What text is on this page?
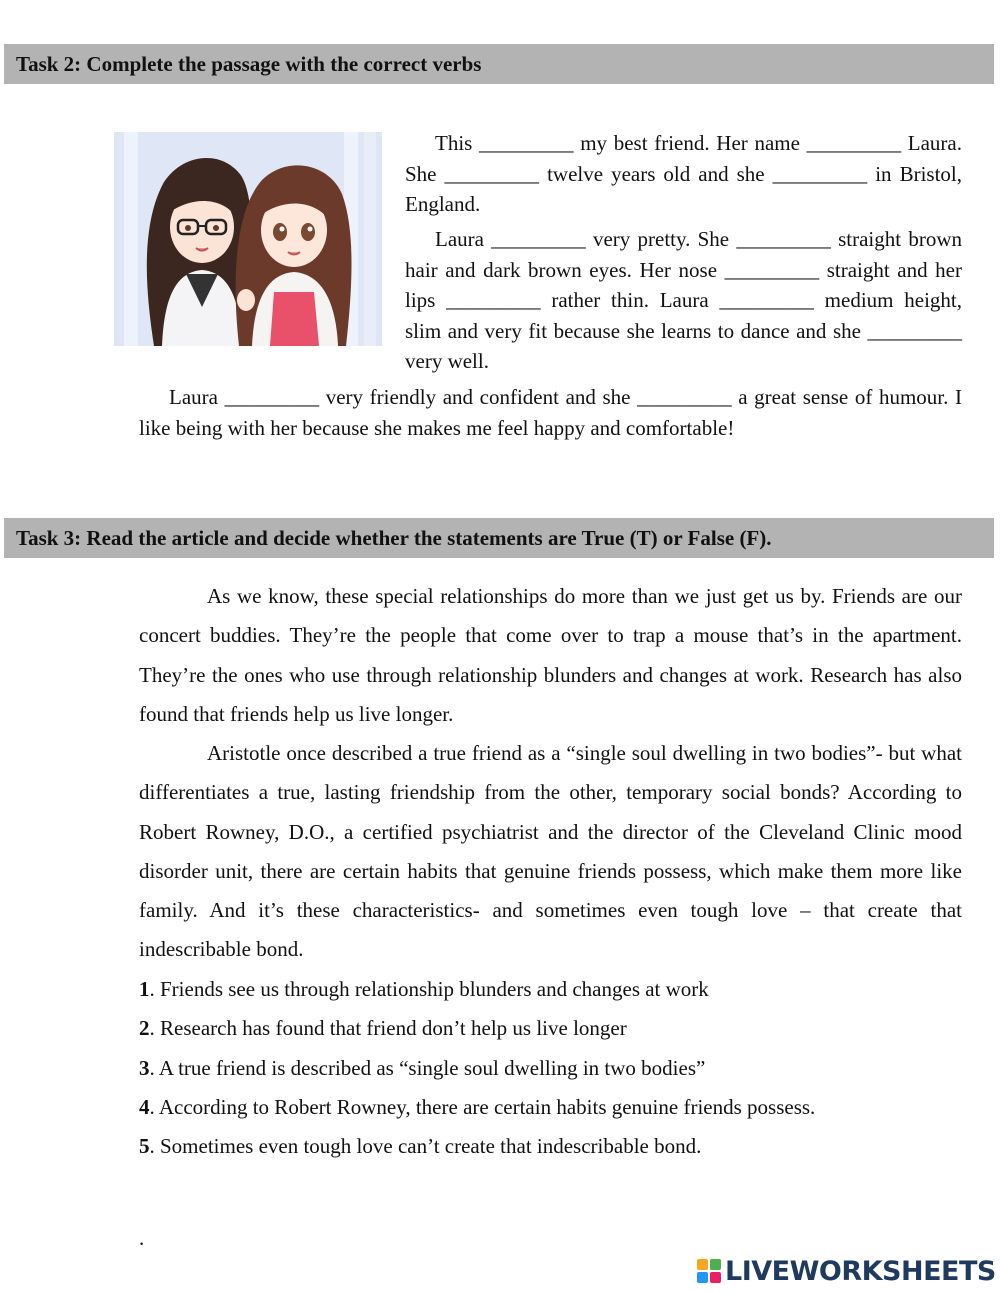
Task 2: Complete the passage with the correct verbs

This _________ my best friend. Her name _________ Laura. She _________ twelve years old and she _________ in Bristol, England.

Laura _________ very pretty. She _________ straight brown hair and dark brown eyes. Her nose _________ straight and her lips _________ rather thin. Laura _________ medium height, slim and very fit because she learns to dance and she _________ very well.

Laura _________ very friendly and confident and she _________ a great sense of humour. I like being with her because she makes me feel happy and comfortable!

Task 3: Read the article and decide whether the statements are True (T) or False (F).

As we know, these special relationships do more than we just get us by. Friends are our concert buddies. They’re the people that come over to trap a mouse that’s in the apartment. They’re the ones who use through relationship blunders and changes at work. Research has also found that friends help us live longer.

Aristotle once described a true friend as a “single soul dwelling in two bodies”- but what differentiates a true, lasting friendship from the other, temporary social bonds? According to Robert Rowney, D.O., a certified psychiatrist and the director of the Cleveland Clinic mood disorder unit, there are certain habits that genuine friends possess, which make them more like family. And it’s these characteristics- and sometimes even tough love – that create that indescribable bond.

1. Friends see us through relationship blunders and changes at work
2. Research has found that friend don’t help us live longer
3. A true friend is described as “single soul dwelling in two bodies”
4. According to Robert Rowney, there are certain habits genuine friends possess.
5. Sometimes even tough love can’t create that indescribable bond.
.
LIVEWORKSHEETS
